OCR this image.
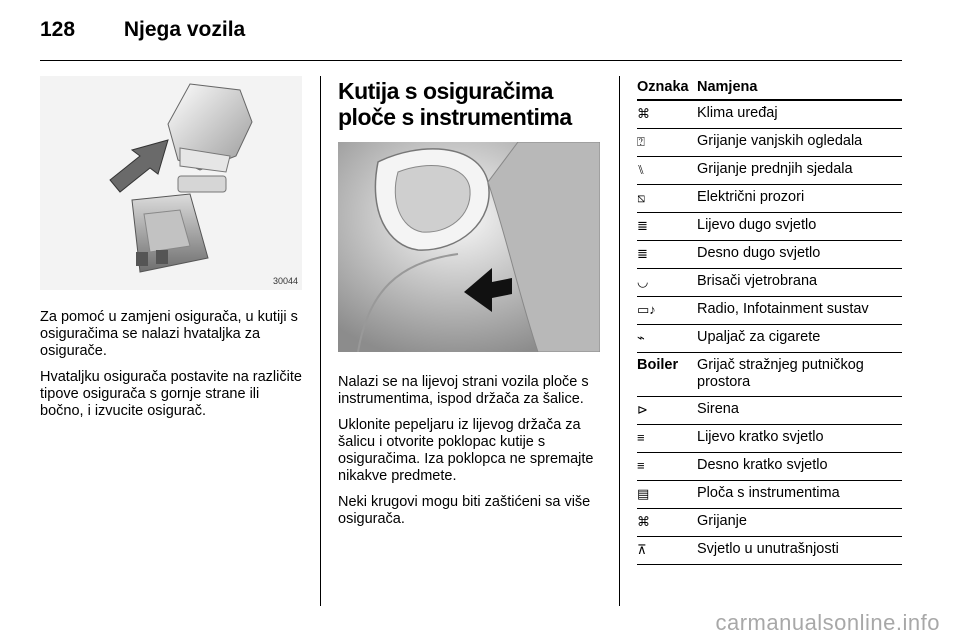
128 Njega vozila
30044

Za pomoć u zamjeni osigurača, u kutiji s osiguračima se nalazi hvataljka za osigurače.

Hvataljku osigurača postavite na različite tipove osigurača s gornje strane ili bočno, i izvucite osigurač.

Kutija s osiguračima ploče s instrumentima

Nalazi se na lijevoj strani vozila ploče s instrumentima, ispod držača za šalice.

Uklonite pepeljaru iz lijevog držača za šalicu i otvorite poklopac kutije s osiguračima. Iza poklopca ne spremajte nikakve predmete.

Neki krugovi mogu biti zaštićeni sa više osigurača.

Oznaka	Namjena
⌘	Klima uređaj
⍰	Grijanje vanjskih ogledala
⑊	Grijanje prednjih sjedala
⧅	Električni prozori
≣	Lijevo dugo svjetlo
≣	Desno dugo svjetlo
◡	Brisači vjetrobrana
▭♪	Radio, Infotainment sustav
⌁	Upaljač za cigarete
Boiler	Grijač stražnjeg putničkog prostora
⊳	Sirena
≡	Lijevo kratko svjetlo
≡	Desno kratko svjetlo
▤	Ploča s instrumentima
⌘	Grijanje
⊼	Svjetlo u unutrašnjosti
carmanualsonline.info
